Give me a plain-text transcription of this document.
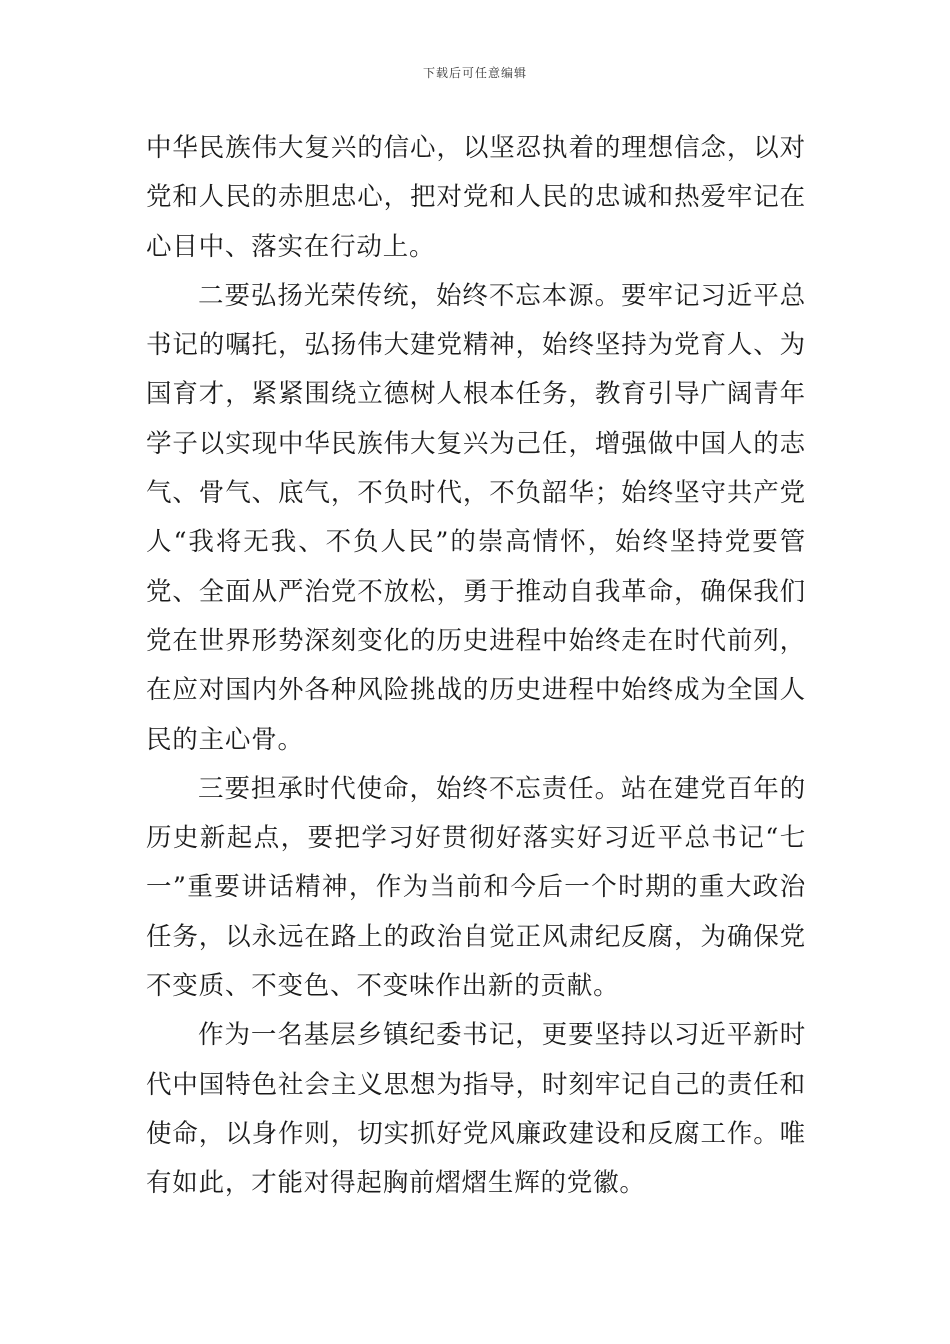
下载后可任意编辑

中华民族伟大复兴的信心，以坚忍执着的理想信念，以对党和人民的赤胆忠心，把对党和人民的忠诚和热爱牢记在心目中、落实在行动上。

二要弘扬光荣传统，始终不忘本源。要牢记习近平总书记的嘱托，弘扬伟大建党精神，始终坚持为党育人、为国育才，紧紧围绕立德树人根本任务，教育引导广阔青年学子以实现中华民族伟大复兴为己任，增强做中国人的志气、骨气、底气，不负时代，不负韶华；始终坚守共产党人“我将无我、不负人民”的崇高情怀，始终坚持党要管党、全面从严治党不放松，勇于推动自我革命，确保我们党在世界形势深刻变化的历史进程中始终走在时代前列，在应对国内外各种风险挑战的历史进程中始终成为全国人民的主心骨。

三要担承时代使命，始终不忘责任。站在建党百年的历史新起点，要把学习好贯彻好落实好习近平总书记“七一”重要讲话精神，作为当前和今后一个时期的重大政治任务，以永远在路上的政治自觉正风肃纪反腐，为确保党不变质、不变色、不变味作出新的贡献。

作为一名基层乡镇纪委书记，更要坚持以习近平新时代中国特色社会主义思想为指导，时刻牢记自己的责任和使命，以身作则，切实抓好党风廉政建设和反腐工作。唯有如此，才能对得起胸前熠熠生辉的党徽。
